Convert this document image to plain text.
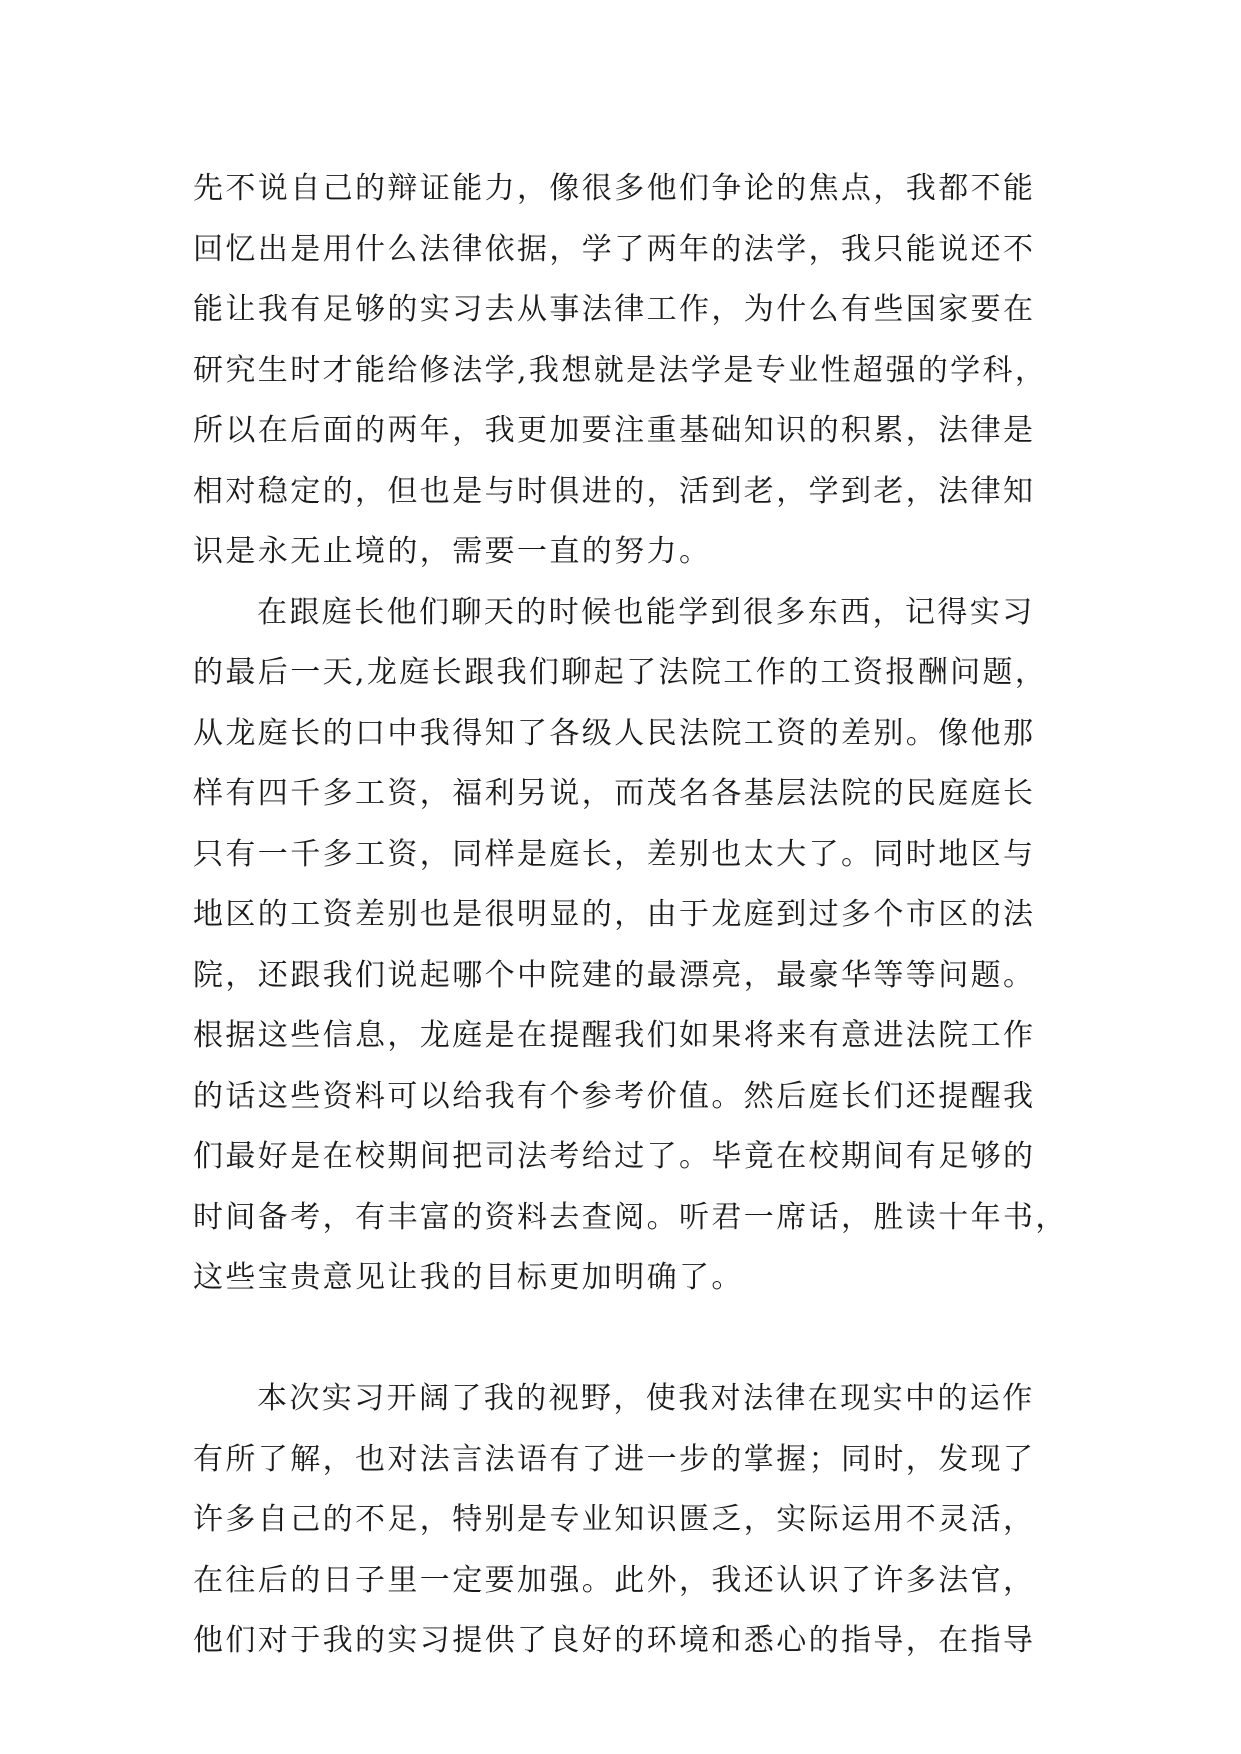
先不说自己的辩证能力，像很多他们争论的焦点，我都不能
回忆出是用什么法律依据，学了两年的法学，我只能说还不
能让我有足够的实习去从事法律工作，为什么有些国家要在
研究生时才能给修法学,我想就是法学是专业性超强的学科，
所以在后面的两年，我更加要注重基础知识的积累，法律是
相对稳定的，但也是与时俱进的，活到老，学到老，法律知
识是永无止境的，需要一直的努力。
在跟庭长他们聊天的时候也能学到很多东西，记得实习
的最后一天,龙庭长跟我们聊起了法院工作的工资报酬问题，
从龙庭长的口中我得知了各级人民法院工资的差别。像他那
样有四千多工资，福利另说，而茂名各基层法院的民庭庭长
只有一千多工资，同样是庭长，差别也太大了。同时地区与
地区的工资差别也是很明显的，由于龙庭到过多个市区的法
院，还跟我们说起哪个中院建的最漂亮，最豪华等等问题。
根据这些信息，龙庭是在提醒我们如果将来有意进法院工作
的话这些资料可以给我有个参考价值。然后庭长们还提醒我
们最好是在校期间把司法考给过了。毕竟在校期间有足够的
时间备考，有丰富的资料去查阅。听君一席话，胜读十年书，
这些宝贵意见让我的目标更加明确了。
本次实习开阔了我的视野，使我对法律在现实中的运作
有所了解，也对法言法语有了进一步的掌握；同时，发现了
许多自己的不足，特别是专业知识匮乏，实际运用不灵活，
在往后的日子里一定要加强。此外，我还认识了许多法官，
他们对于我的实习提供了良好的环境和悉心的指导，在指导
